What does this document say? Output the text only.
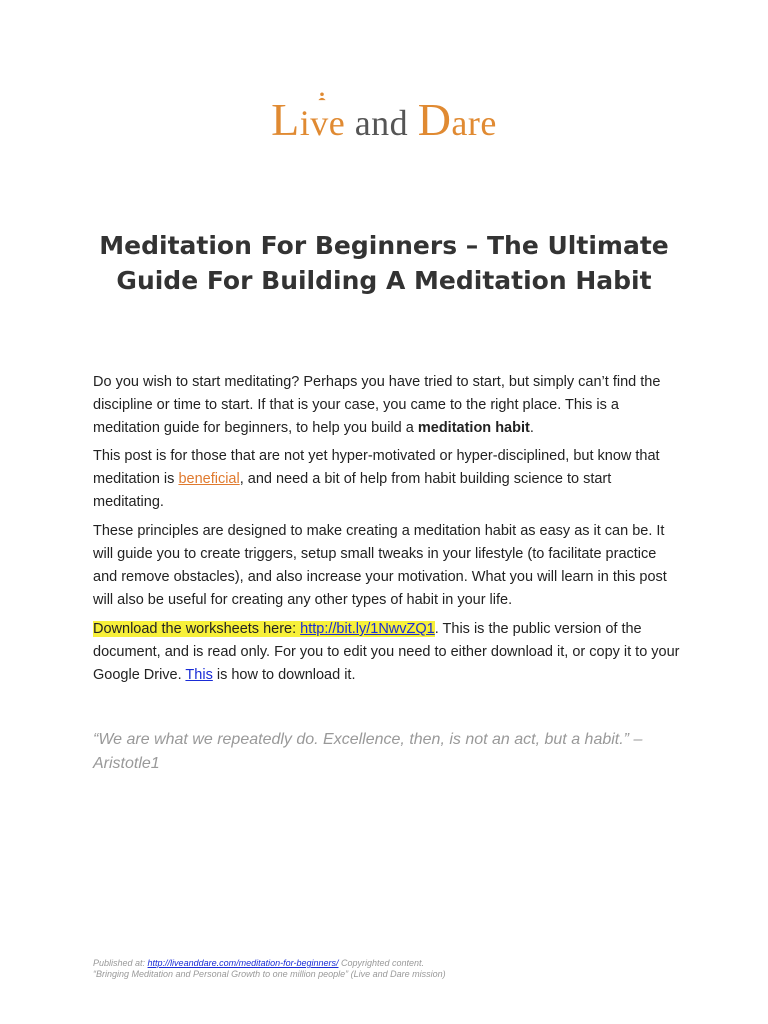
L
ive and Dare
Meditation For Beginners – The Ultimate Guide For Building A Meditation Habit

Do you wish to start meditating? Perhaps you have tried to start, but simply can’t find the discipline or time to start. If that is your case, you came to the right place. This is a meditation guide for beginners, to help you build a meditation habit.

This post is for those that are not yet hyper-motivated or hyper-disciplined, but know that meditation is beneficial, and need a bit of help from habit building science to start meditating.

These principles are designed to make creating a meditation habit as easy as it can be. It will guide you to create triggers, setup small tweaks in your lifestyle (to facilitate practice and remove obstacles), and also increase your motivation. What you will learn in this post will also be useful for creating any other types of habit in your life.

Download the worksheets here: http://bit.ly/1NwvZQ1. This is the public version of the document, and is read only. For you to edit you need to either download it, or copy it to your Google Drive. This is how to download it.

“We are what we repeatedly do. Excellence, then, is not an act, but a habit.” – Aristotle1

Published at: http://liveanddare.com/meditation-for-beginners/ Copyrighted content.
“Bringing Meditation and Personal Growth to one million people” (Live and Dare mission)
